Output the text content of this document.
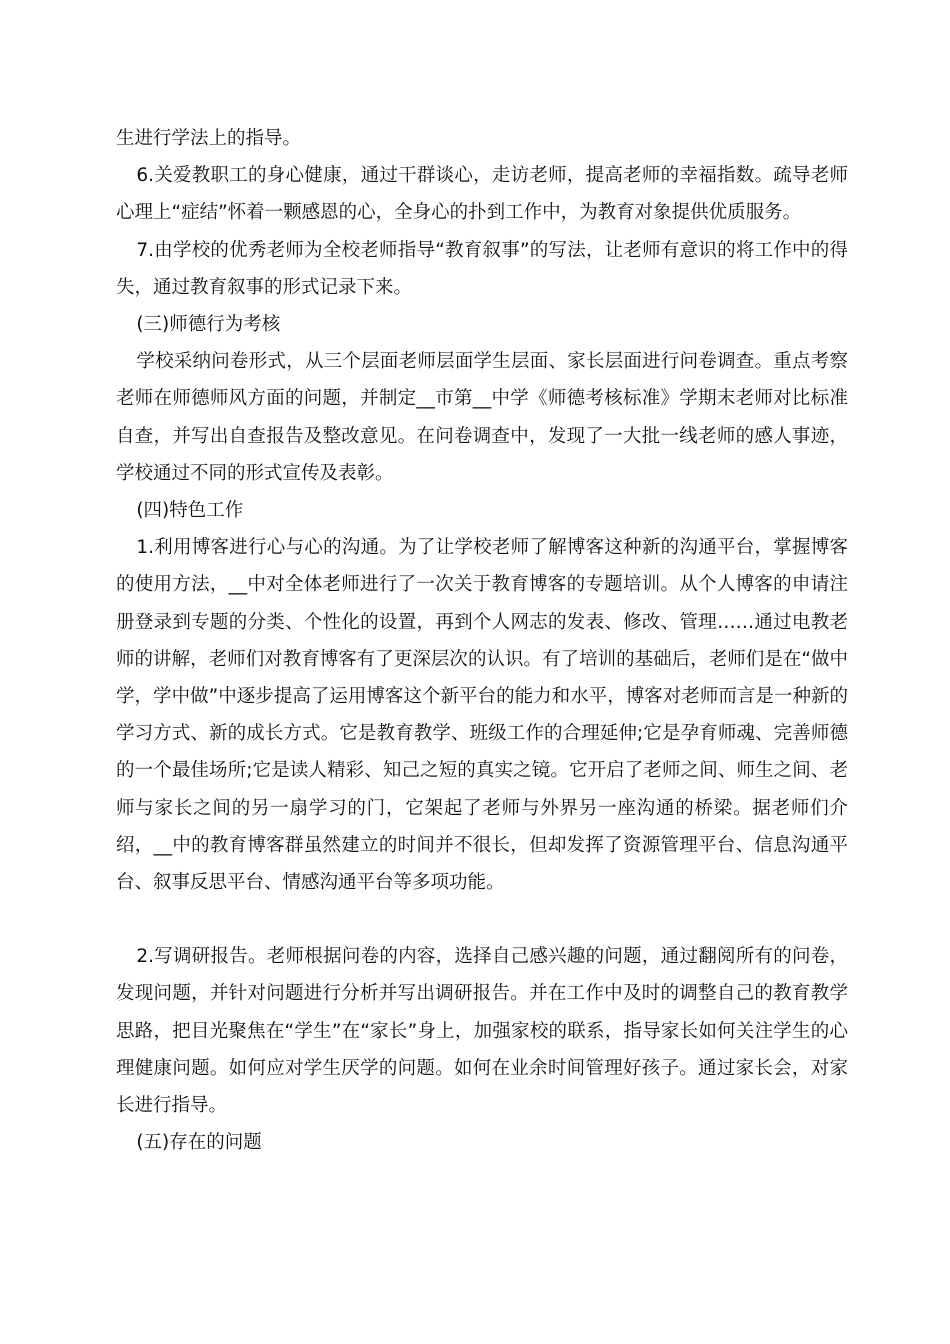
生进行学法上的指导。

6.关爱教职工的身心健康，通过干群谈心，走访老师，提高老师的幸福指数。疏导老师心理上“症结”怀着一颗感恩的心，全身心的扑到工作中，为教育对象提供优质服务。

7.由学校的优秀老师为全校老师指导“教育叙事”的写法，让老师有意识的将工作中的得失，通过教育叙事的形式记录下来。

(三)师德行为考核

学校采纳问卷形式，从三个层面老师层面学生层面、家长层面进行问卷调查。重点考察老师在师德师风方面的问题，并制定__市第__中学《师德考核标准》学期末老师对比标准自查，并写出自查报告及整改意见。在问卷调查中，发现了一大批一线老师的感人事迹，学校通过不同的形式宣传及表彰。

(四)特色工作

1.利用博客进行心与心的沟通。为了让学校老师了解博客这种新的沟通平台，掌握博客的使用方法，__中对全体老师进行了一次关于教育博客的专题培训。从个人博客的申请注册登录到专题的分类、个性化的设置，再到个人网志的发表、修改、管理……通过电教老师的讲解，老师们对教育博客有了更深层次的认识。有了培训的基础后，老师们是在“做中学，学中做”中逐步提高了运用博客这个新平台的能力和水平，博客对老师而言是一种新的学习方式、新的成长方式。它是教育教学、班级工作的合理延伸;它是孕育师魂、完善师德的一个最佳场所;它是读人精彩、知己之短的真实之镜。它开启了老师之间、师生之间、老师与家长之间的另一扇学习的门，它架起了老师与外界另一座沟通的桥梁。据老师们介绍，__中的教育博客群虽然建立的时间并不很长，但却发挥了资源管理平台、信息沟通平台、叙事反思平台、情感沟通平台等多项功能。

2.写调研报告。老师根据问卷的内容，选择自己感兴趣的问题，通过翻阅所有的问卷，发现问题，并针对问题进行分析并写出调研报告。并在工作中及时的调整自己的教育教学思路，把目光聚焦在“学生”在“家长”身上，加强家校的联系，指导家长如何关注学生的心理健康问题。如何应对学生厌学的问题。如何在业余时间管理好孩子。通过家长会，对家长进行指导。

(五)存在的问题
